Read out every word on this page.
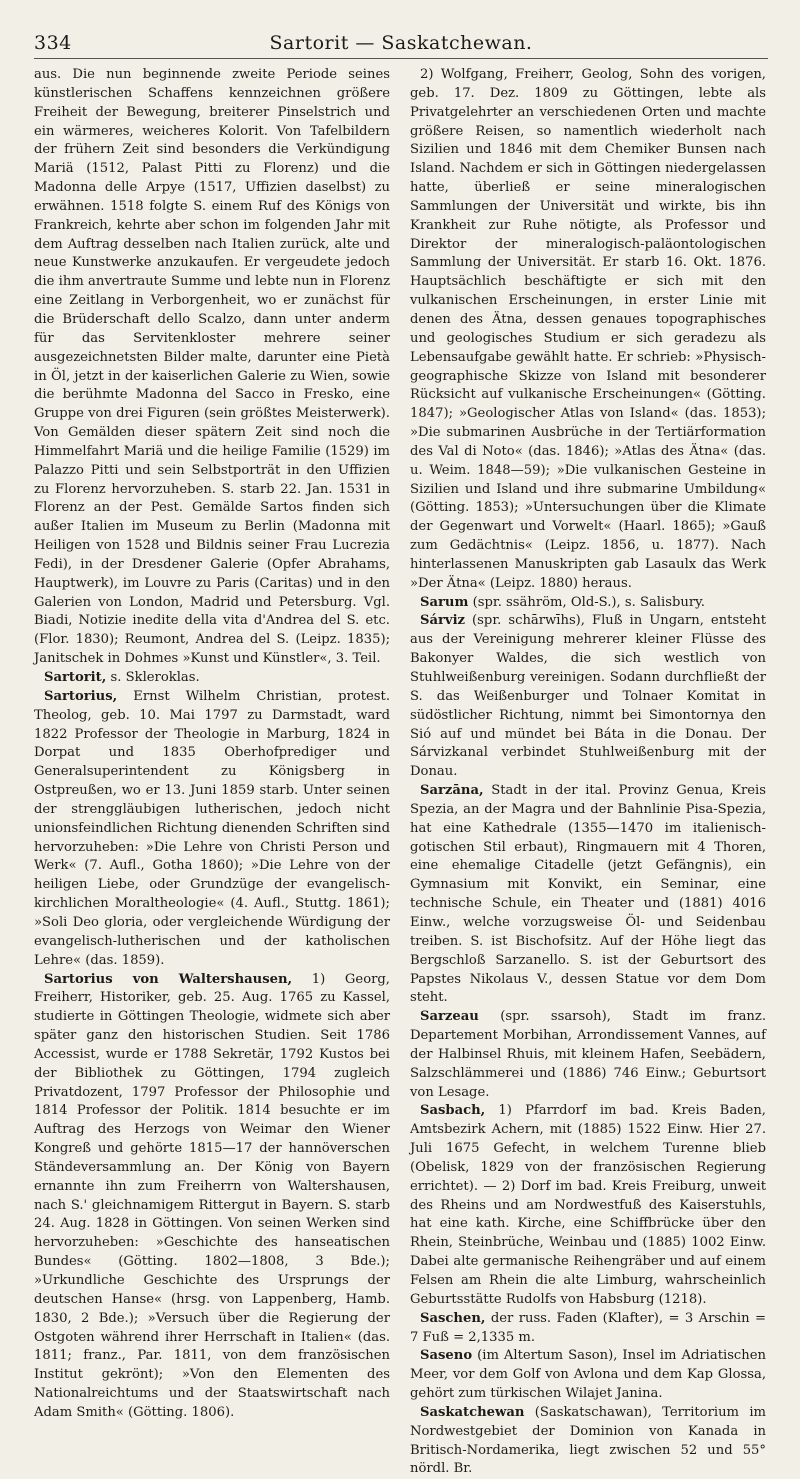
334	Sartorit — Saskatchewan.

aus. Die nun beginnende zweite Periode seines künstlerischen Schaffens kennzeichnen größere Freiheit der Bewegung, breiterer Pinselstrich und ein wärmeres, weicheres Kolorit. Von Tafelbildern der frühern Zeit sind besonders die Verkündigung Mariä (1512, Palast Pitti zu Florenz) und die Madonna delle Arpye (1517, Uffizien daselbst) zu erwähnen. 1518 folgte S. einem Ruf des Königs von Frankreich, kehrte aber schon im folgenden Jahr mit dem Auftrag desselben nach Italien zurück, alte und neue Kunstwerke anzukaufen. Er vergeudete jedoch die ihm anvertraute Summe und lebte nun in Florenz eine Zeitlang in Verborgenheit, wo er zunächst für die Brüderschaft dello Scalzo, dann unter anderm für das Servitenkloster mehrere seiner ausgezeichnetsten Bilder malte, darunter eine Pietà in Öl, jetzt in der kaiserlichen Galerie zu Wien, sowie die berühmte Madonna del Sacco in Fresko, eine Gruppe von drei Figuren (sein größtes Meisterwerk). Von Gemälden dieser spätern Zeit sind noch die Himmelfahrt Mariä und die heilige Familie (1529) im Palazzo Pitti und sein Selbstporträt in den Uffizien zu Florenz hervorzuheben. S. starb 22. Jan. 1531 in Florenz an der Pest. Gemälde Sartos finden sich außer Italien im Museum zu Berlin (Madonna mit Heiligen von 1528 und Bildnis seiner Frau Lucrezia Fedi), in der Dresdener Galerie (Opfer Abrahams, Hauptwerk), im Louvre zu Paris (Caritas) und in den Galerien von London, Madrid und Petersburg. Vgl. Biadi, Notizie inedite della vita d'Andrea del S. etc. (Flor. 1830); Reumont, Andrea del S. (Leipz. 1835); Janitschek in Dohmes »Kunst und Künstler«, 3. Teil.

Sartorit, s. Skleroklas.

Sartorius, Ernst Wilhelm Christian, protest. Theolog, geb. 10. Mai 1797 zu Darmstadt, ward 1822 Professor der Theologie in Marburg, 1824 in Dorpat und 1835 Oberhofprediger und Generalsuperintendent zu Königsberg in Ostpreußen, wo er 13. Juni 1859 starb. Unter seinen der strenggläubigen lutherischen, jedoch nicht unionsfeindlichen Richtung dienenden Schriften sind hervorzuheben: »Die Lehre von Christi Person und Werk« (7. Aufl., Gotha 1860); »Die Lehre von der heiligen Liebe, oder Grundzüge der evangelisch-kirchlichen Moraltheologie« (4. Aufl., Stuttg. 1861); »Soli Deo gloria, oder vergleichende Würdigung der evangelisch-lutherischen und der katholischen Lehre« (das. 1859).

Sartorius von Waltershausen, 1) Georg, Freiherr, Historiker, geb. 25. Aug. 1765 zu Kassel, studierte in Göttingen Theologie, widmete sich aber später ganz den historischen Studien. Seit 1786 Accessist, wurde er 1788 Sekretär, 1792 Kustos bei der Bibliothek zu Göttingen, 1794 zugleich Privatdozent, 1797 Professor der Philosophie und 1814 Professor der Politik. 1814 besuchte er im Auftrag des Herzogs von Weimar den Wiener Kongreß und gehörte 1815—17 der hannöverschen Ständeversammlung an. Der König von Bayern ernannte ihn zum Freiherrn von Waltershausen, nach S.' gleichnamigem Rittergut in Bayern. S. starb 24. Aug. 1828 in Göttingen. Von seinen Werken sind hervorzuheben: »Geschichte des hanseatischen Bundes« (Götting. 1802—1808, 3 Bde.); »Urkundliche Geschichte des Ursprungs der deutschen Hanse« (hrsg. von Lappenberg, Hamb. 1830, 2 Bde.); »Versuch über die Regierung der Ostgoten während ihrer Herrschaft in Italien« (das. 1811; franz., Par. 1811, von dem französischen Institut gekrönt); »Von den Elementen des Nationalreichtums und der Staatswirtschaft nach Adam Smith« (Götting. 1806).

2) Wolfgang, Freiherr, Geolog, Sohn des vorigen, geb. 17. Dez. 1809 zu Göttingen, lebte als Privatgelehrter an verschiedenen Orten und machte größere Reisen, so namentlich wiederholt nach Sizilien und 1846 mit dem Chemiker Bunsen nach Island. Nachdem er sich in Göttingen niedergelassen hatte, überließ er seine mineralogischen Sammlungen der Universität und wirkte, bis ihn Krankheit zur Ruhe nötigte, als Professor und Direktor der mineralogisch-paläontologischen Sammlung der Universität. Er starb 16. Okt. 1876. Hauptsächlich beschäftigte er sich mit den vulkanischen Erscheinungen, in erster Linie mit denen des Ätna, dessen genaues topographisches und geologisches Studium er sich geradezu als Lebensaufgabe gewählt hatte. Er schrieb: »Physisch-geographische Skizze von Island mit besonderer Rücksicht auf vulkanische Erscheinungen« (Götting. 1847); »Geologischer Atlas von Island« (das. 1853); »Die submarinen Ausbrüche in der Tertiärformation des Val di Noto« (das. 1846); »Atlas des Ätna« (das. u. Weim. 1848—59); »Die vulkanischen Gesteine in Sizilien und Island und ihre submarine Umbildung« (Götting. 1853); »Untersuchungen über die Klimate der Gegenwart und Vorwelt« (Haarl. 1865); »Gauß zum Gedächtnis« (Leipz. 1856, u. 1877). Nach hinterlassenen Manuskripten gab Lasaulx das Werk »Der Ätna« (Leipz. 1880) heraus.

Sarum (spr. ssähröm, Old-S.), s. Salisbury.

Sárviz (spr. schārwīhs), Fluß in Ungarn, entsteht aus der Vereinigung mehrerer kleiner Flüsse des Bakonyer Waldes, die sich westlich von Stuhlweißenburg vereinigen. Sodann durchfließt der S. das Weißenburger und Tolnaer Komitat in südöstlicher Richtung, nimmt bei Simontornya den Sió auf und mündet bei Báta in die Donau. Der Sárvizkanal verbindet Stuhlweißenburg mit der Donau.

Sarzāna, Stadt in der ital. Provinz Genua, Kreis Spezia, an der Magra und der Bahnlinie Pisa-Spezia, hat eine Kathedrale (1355—1470 im italienisch-gotischen Stil erbaut), Ringmauern mit 4 Thoren, eine ehemalige Citadelle (jetzt Gefängnis), ein Gymnasium mit Konvikt, ein Seminar, eine technische Schule, ein Theater und (1881) 4016 Einw., welche vorzugsweise Öl- und Seidenbau treiben. S. ist Bischofsitz. Auf der Höhe liegt das Bergschloß Sarzanello. S. ist der Geburtsort des Papstes Nikolaus V., dessen Statue vor dem Dom steht.

Sarzeau (spr. ssarsoh), Stadt im franz. Departement Morbihan, Arrondissement Vannes, auf der Halbinsel Rhuis, mit kleinem Hafen, Seebädern, Salzschlämmerei und (1886) 746 Einw.; Geburtsort von Lesage.

Sasbach, 1) Pfarrdorf im bad. Kreis Baden, Amtsbezirk Achern, mit (1885) 1522 Einw. Hier 27. Juli 1675 Gefecht, in welchem Turenne blieb (Obelisk, 1829 von der französischen Regierung errichtet). — 2) Dorf im bad. Kreis Freiburg, unweit des Rheins und am Nordwestfuß des Kaiserstuhls, hat eine kath. Kirche, eine Schiffbrücke über den Rhein, Steinbrüche, Weinbau und (1885) 1002 Einw. Dabei alte germanische Reihengräber und auf einem Felsen am Rhein die alte Limburg, wahrscheinlich Geburtsstätte Rudolfs von Habsburg (1218).

Saschen, der russ. Faden (Klafter), = 3 Arschin = 7 Fuß = 2,1335 m.

Saseno (im Altertum Sason), Insel im Adriatischen Meer, vor dem Golf von Avlona und dem Kap Glossa, gehört zum türkischen Wilajet Janina.

Saskatchewan (Saskatschawan), Territorium im Nordwestgebiet der Dominion von Kanada in Britisch-Nordamerika, liegt zwischen 52 und 55° nördl. Br.
